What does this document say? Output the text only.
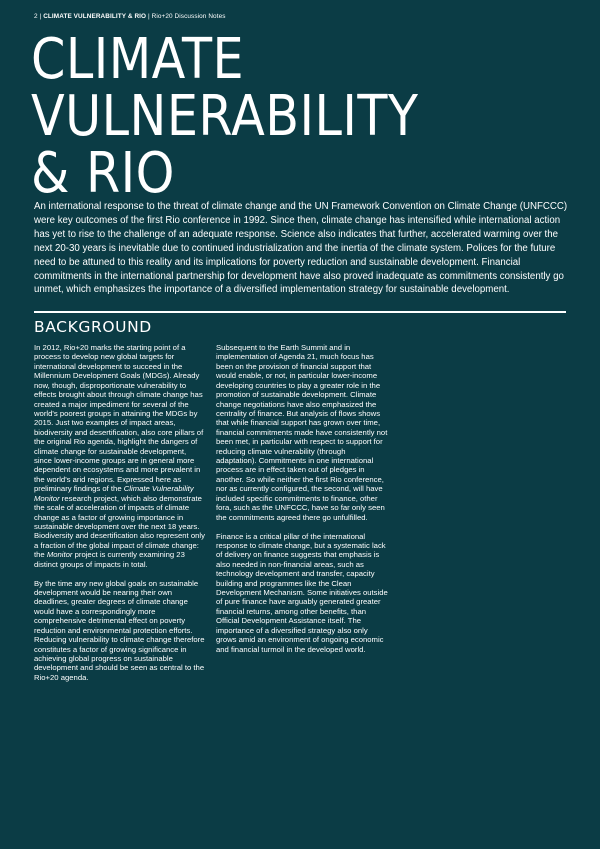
2 | CLIMATE VULNERABILITY & RIO | Rio+20 Discussion Notes
CLIMATE
VULNERABILITY
& RIO

An international response to the threat of climate change and the UN Framework Convention on Climate Change (UNFCCC) were key outcomes of the first Rio conference in 1992. Since then, climate change has intensified while international action has yet to rise to the challenge of an adequate response. Science also indicates that further, accelerated warming over the next 20-30 years is inevitable due to continued industrialization and the inertia of the climate system. Polices for the future need to be attuned to this reality and its implications for poverty reduction and sustainable development. Financial commitments in the international partnership for development have also proved inadequate as commitments consistently go unmet, which emphasizes the importance of a diversified implementation strategy for sustainable development.

BACKGROUND

In 2012, Rio+20 marks the starting point of a process to develop new global targets for international development to succeed in the Millennium Development Goals (MDGs). Already now, though, disproportionate vulnerability to effects brought about through climate change has created a major impediment for several of the world's poorest groups in attaining the MDGs by 2015. Just two examples of impact areas, biodiversity and desertification, also core pillars of the original Rio agenda, highlight the dangers of climate change for sustainable development, since lower-income groups are in general more dependent on ecosystems and more prevalent in the world's arid regions. Expressed here as preliminary findings of the Climate Vulnerability Monitor research project, which also demonstrate the scale of acceleration of impacts of climate change as a factor of growing importance in sustainable development over the next 18 years. Biodiversity and desertification also represent only a fraction of the global impact of climate change: the Monitor project is currently examining 23 distinct groups of impacts in total.

By the time any new global goals on sustainable development would be nearing their own deadlines, greater degrees of climate change would have a correspondingly more comprehensive detrimental effect on poverty reduction and environmental protection efforts. Reducing vulnerability to climate change therefore constitutes a factor of growing significance in achieving global progress on sustainable development and should be seen as central to the Rio+20 agenda.

Subsequent to the Earth Summit and in implementation of Agenda 21, much focus has been on the provision of financial support that would enable, or not, in particular lower-income developing countries to play a greater role in the promotion of sustainable development. Climate change negotiations have also emphasized the centrality of finance. But analysis of flows shows that while financial support has grown over time, financial commitments made have consistently not been met, in particular with respect to support for reducing climate vulnerability (through adaptation). Commitments in one international process are in effect taken out of pledges in another. So while neither the first Rio conference, nor as currently configured, the second, will have included specific commitments to finance, other fora, such as the UNFCCC, have so far only seen the commitments agreed there go unfulfilled.

Finance is a critical pillar of the international response to climate change, but a systematic lack of delivery on finance suggests that emphasis is also needed in non-financial areas, such as technology development and transfer, capacity building and programmes like the Clean Development Mechanism. Some initiatives outside of pure finance have arguably generated greater financial returns, among other benefits, than Official Development Assistance itself. The importance of a diversified strategy also only grows amid an environment of ongoing economic and financial turmoil in the developed world.
